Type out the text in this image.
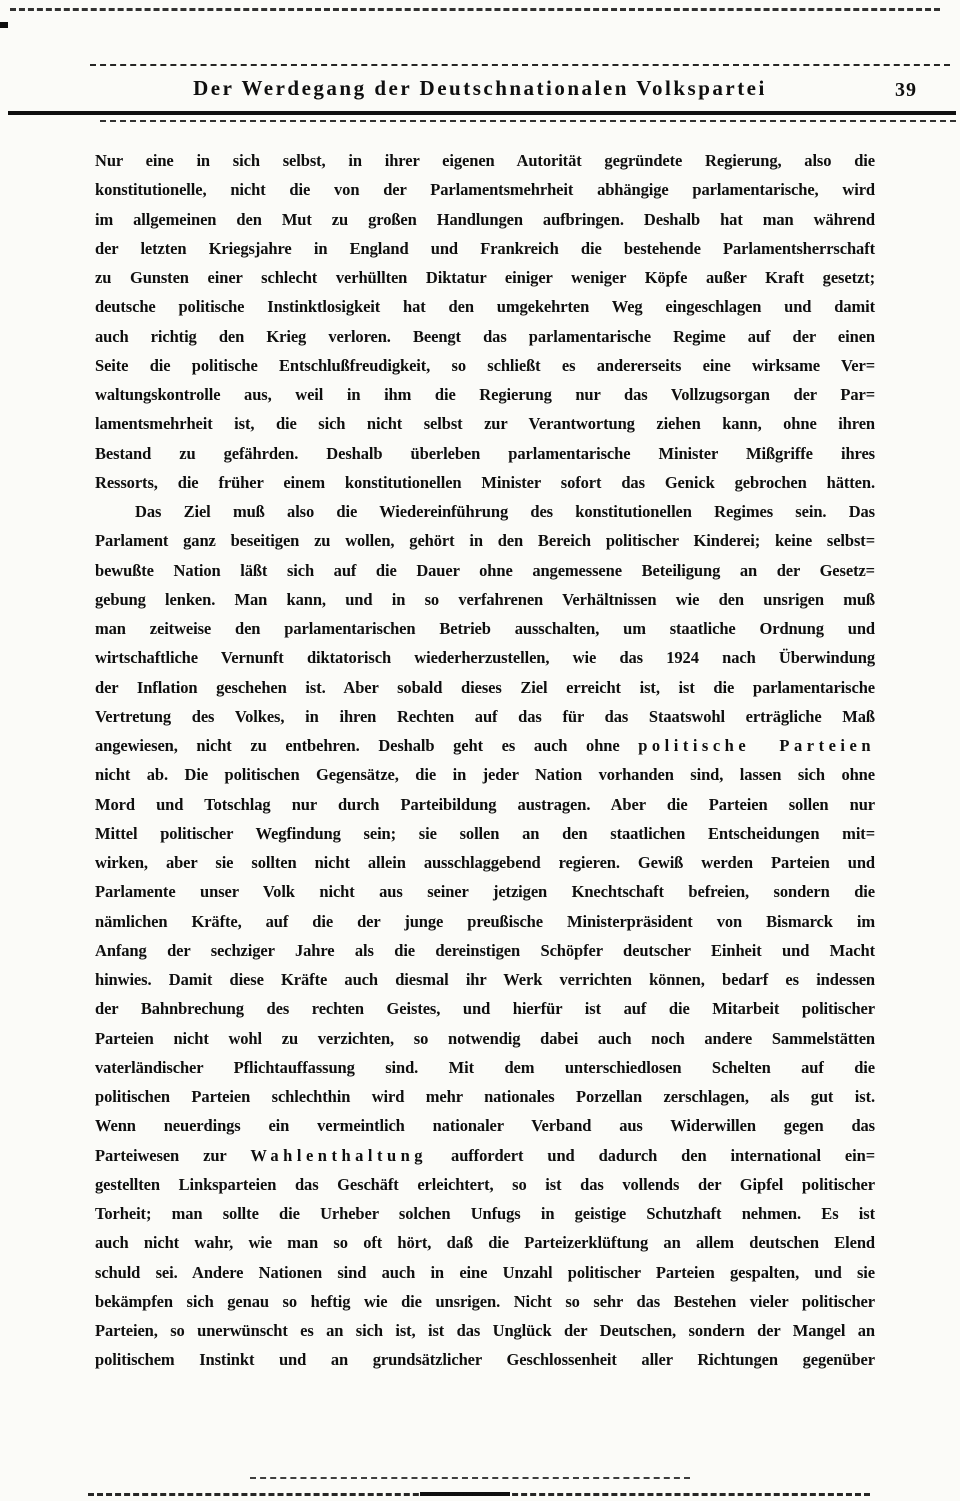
Der Werdegang der Deutschnationalen Volkspartei	39
Nur eine in sich selbst, in ihrer eigenen Autorität gegründete Regierung, also die
konstitutionelle, nicht die von der Parlamentsmehrheit abhängige parlamentarische, wird
im allgemeinen den Mut zu großen Handlungen aufbringen. Deshalb hat man während
der letzten Kriegsjahre in England und Frankreich die bestehende Parlamentsherrschaft
zu Gunsten einer schlecht verhüllten Diktatur einiger weniger Köpfe außer Kraft gesetzt;
deutsche politische Instinktlosigkeit hat den umgekehrten Weg eingeschlagen und damit
auch richtig den Krieg verloren. Beengt das parlamentarische Regime auf der einen
Seite die politische Entschlußfreudigkeit, so schließt es andererseits eine wirksame Ver=
waltungskontrolle aus, weil in ihm die Regierung nur das Vollzugsorgan der Par=
lamentsmehrheit ist, die sich nicht selbst zur Verantwortung ziehen kann, ohne ihren
Bestand zu gefährden. Deshalb überleben parlamentarische Minister Mißgriffe ihres
Ressorts, die früher einem konstitutionellen Minister sofort das Genick gebrochen hätten.
Das Ziel muß also die Wiedereinführung des konstitutionellen Regimes sein. Das
Parlament ganz beseitigen zu wollen, gehört in den Bereich politischer Kinderei; keine selbst=
bewußte Nation läßt sich auf die Dauer ohne angemessene Beteiligung an der Gesetz=
gebung lenken. Man kann, und in so verfahrenen Verhältnissen wie den unsrigen muß
man zeitweise den parlamentarischen Betrieb ausschalten, um staatliche Ordnung und
wirtschaftliche Vernunft diktatorisch wiederherzustellen, wie das 1924 nach Überwindung
der Inflation geschehen ist. Aber sobald dieses Ziel erreicht ist, ist die parlamentarische
Vertretung des Volkes, in ihren Rechten auf das für das Staatswohl erträgliche Maß
angewiesen, nicht zu entbehren. Deshalb geht es auch ohne politische Parteien
nicht ab. Die politischen Gegensätze, die in jeder Nation vorhanden sind, lassen sich ohne
Mord und Totschlag nur durch Parteibildung austragen. Aber die Parteien sollen nur
Mittel politischer Wegfindung sein; sie sollen an den staatlichen Entscheidungen mit=
wirken, aber sie sollten nicht allein ausschlaggebend regieren. Gewiß werden Parteien und
Parlamente unser Volk nicht aus seiner jetzigen Knechtschaft befreien, sondern die
nämlichen Kräfte, auf die der junge preußische Ministerpräsident von Bismarck im
Anfang der sechziger Jahre als die dereinstigen Schöpfer deutscher Einheit und Macht
hinwies. Damit diese Kräfte auch diesmal ihr Werk verrichten können, bedarf es indessen
der Bahnbrechung des rechten Geistes, und hierfür ist auf die Mitarbeit politischer
Parteien nicht wohl zu verzichten, so notwendig dabei auch noch andere Sammelstätten
vaterländischer Pflichtauffassung sind. Mit dem unterschiedlosen Schelten auf die
politischen Parteien schlechthin wird mehr nationales Porzellan zerschlagen, als gut ist.
Wenn neuerdings ein vermeintlich nationaler Verband aus Widerwillen gegen das
Parteiwesen zur Wahlenthaltung auffordert und dadurch den international ein=
gestellten Linksparteien das Geschäft erleichtert, so ist das vollends der Gipfel politischer
Torheit; man sollte die Urheber solchen Unfugs in geistige Schutzhaft nehmen. Es ist
auch nicht wahr, wie man so oft hört, daß die Parteizerklüftung an allem deutschen Elend
schuld sei. Andere Nationen sind auch in eine Unzahl politischer Parteien gespalten, und sie
bekämpfen sich genau so heftig wie die unsrigen. Nicht so sehr das Bestehen vieler politischer
Parteien, so unerwünscht es an sich ist, ist das Unglück der Deutschen, sondern der Mangel an
politischem Instinkt und an grundsätzlicher Geschlossenheit aller Richtungen gegenüber
